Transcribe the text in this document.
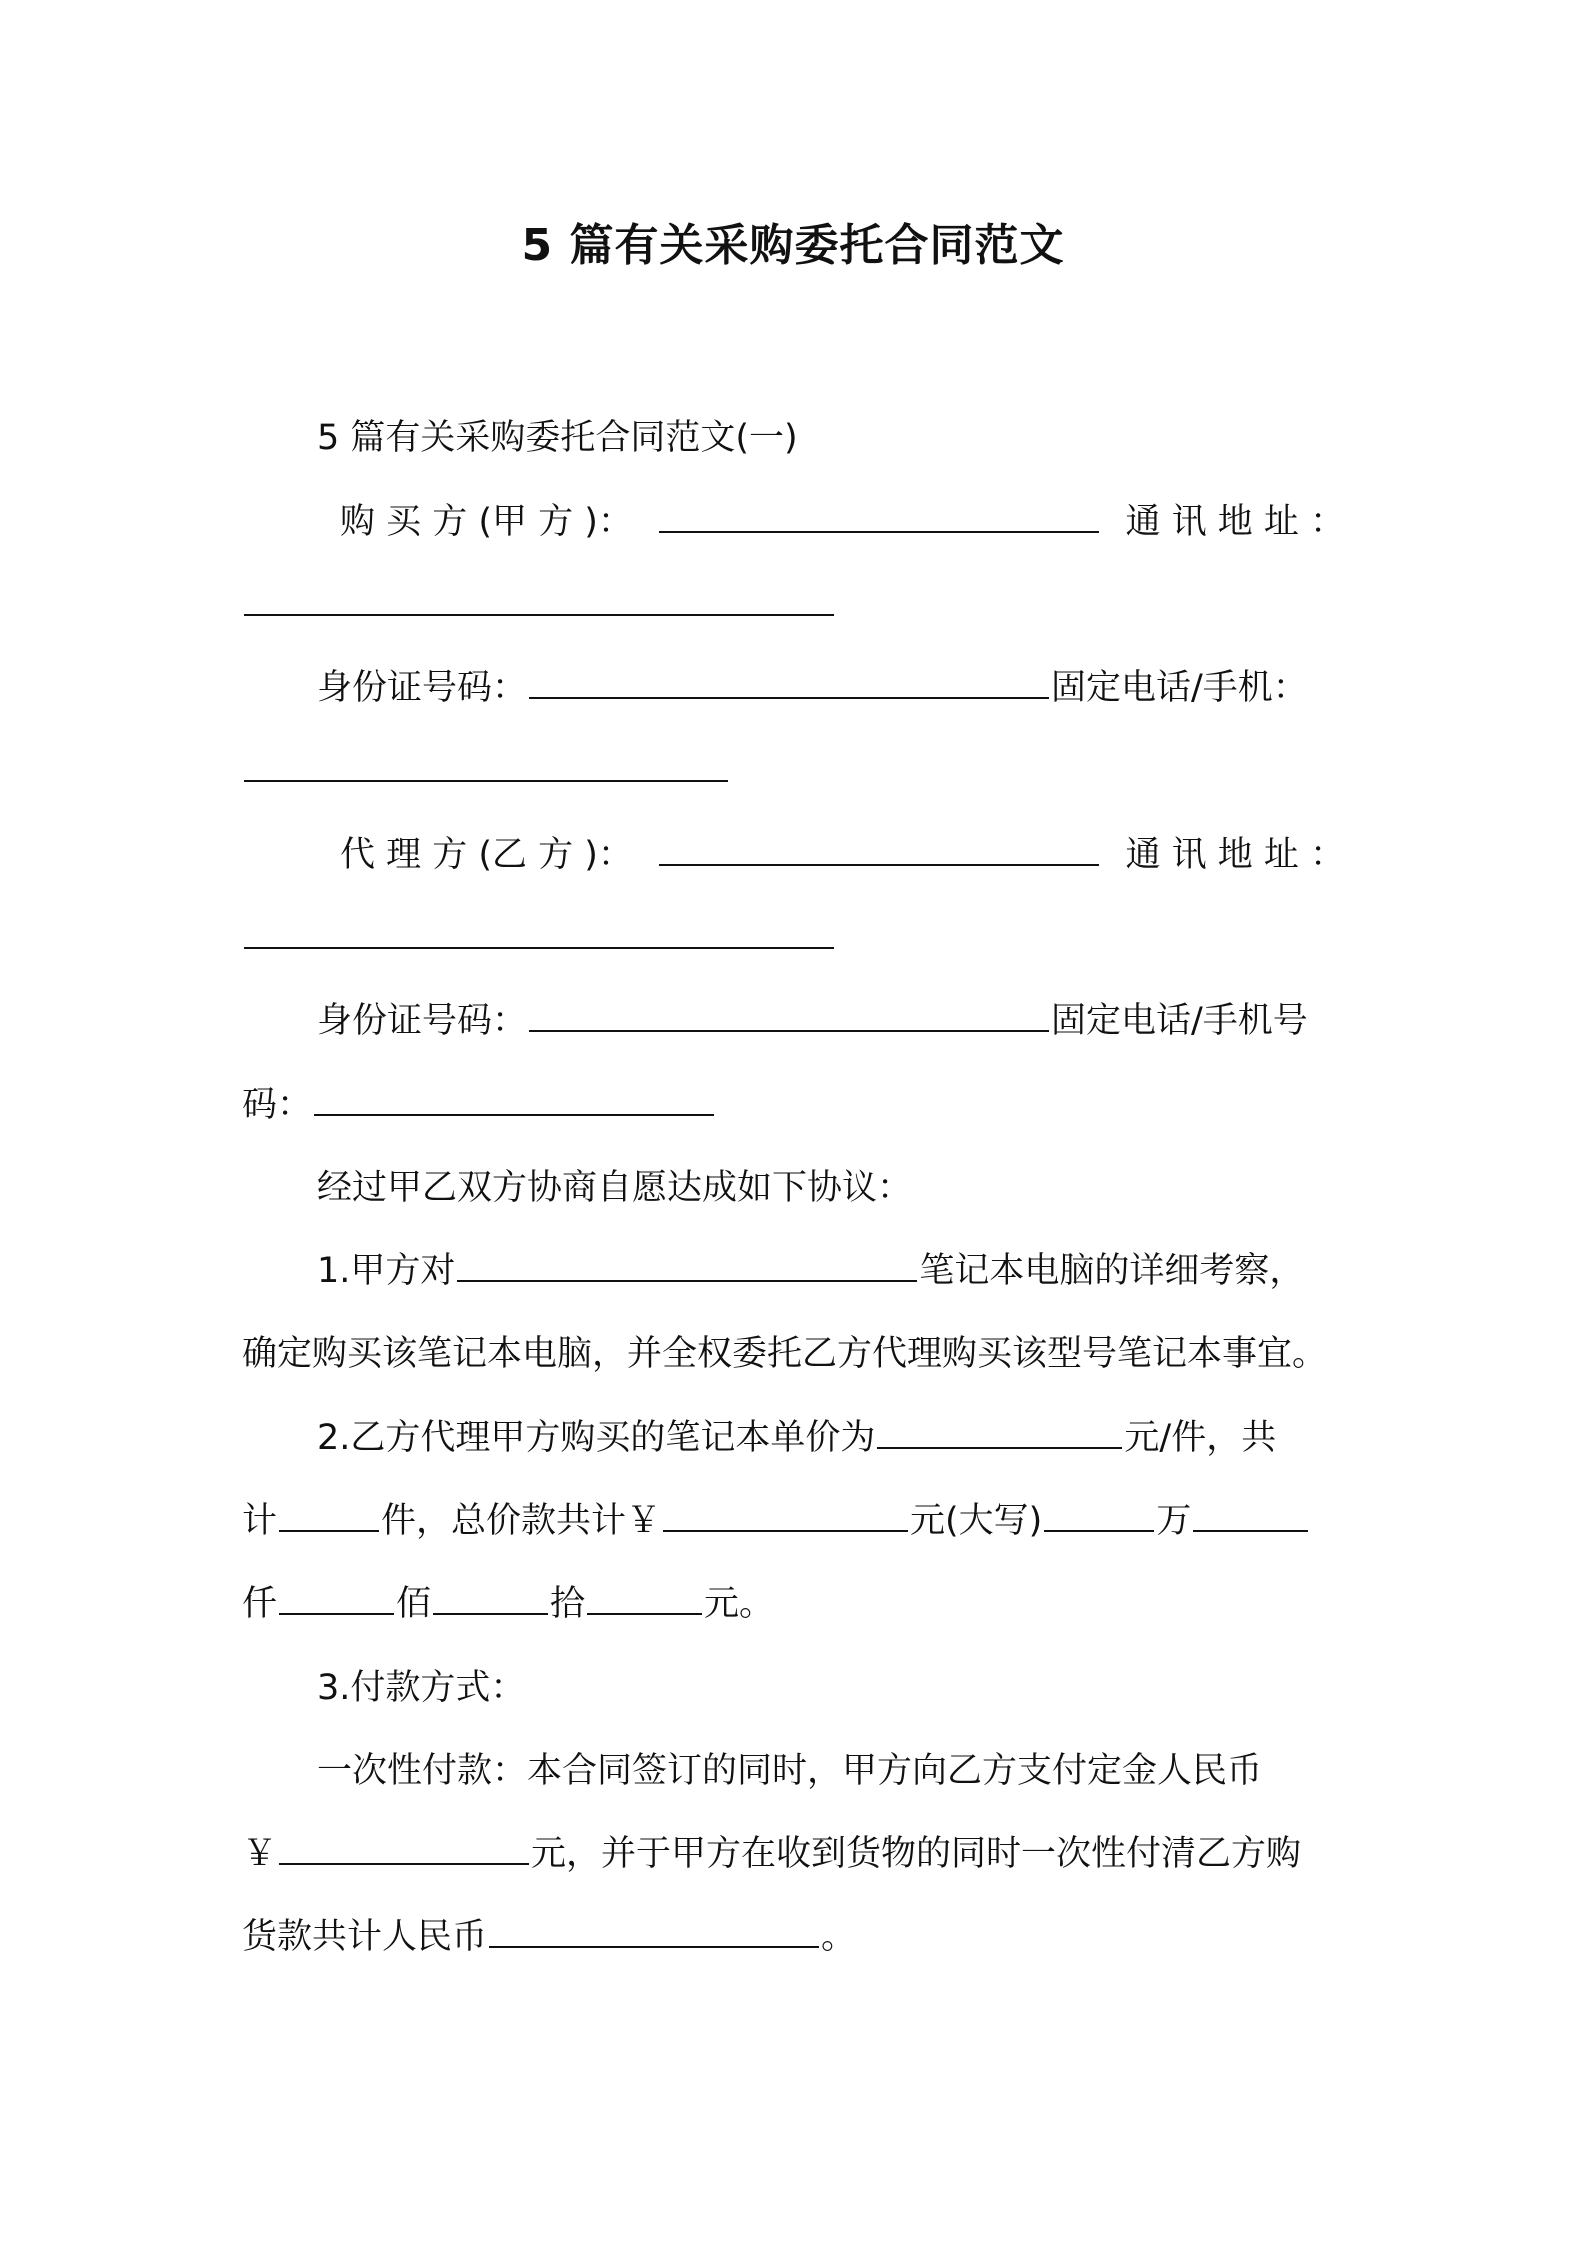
5 篇有关采购委托合同范文
5 篇有关采购委托合同范文(一)
购 买 方 (甲 方 )：	通 讯 地 址 ：
身份证号码：	固定电话/手机：
代 理 方 (乙 方 )：	通 讯 地 址 ：
身份证号码：	固定电话/手机号
码：
经过甲乙双方协商自愿达成如下协议：
1.甲方对	笔记本电脑的详细考察，
确定购买该笔记本电脑，并全权委托乙方代理购买该型号笔记本事宜。
2.乙方代理甲方购买的笔记本单价为	元/件，共
计	件，总价款共计￥	元(大写)	万
仟	佰	拾	元。
3.付款方式：
一次性付款：本合同签订的同时，甲方向乙方支付定金人民币
￥	元，并于甲方在收到货物的同时一次性付清乙方购
货款共计人民币	。
